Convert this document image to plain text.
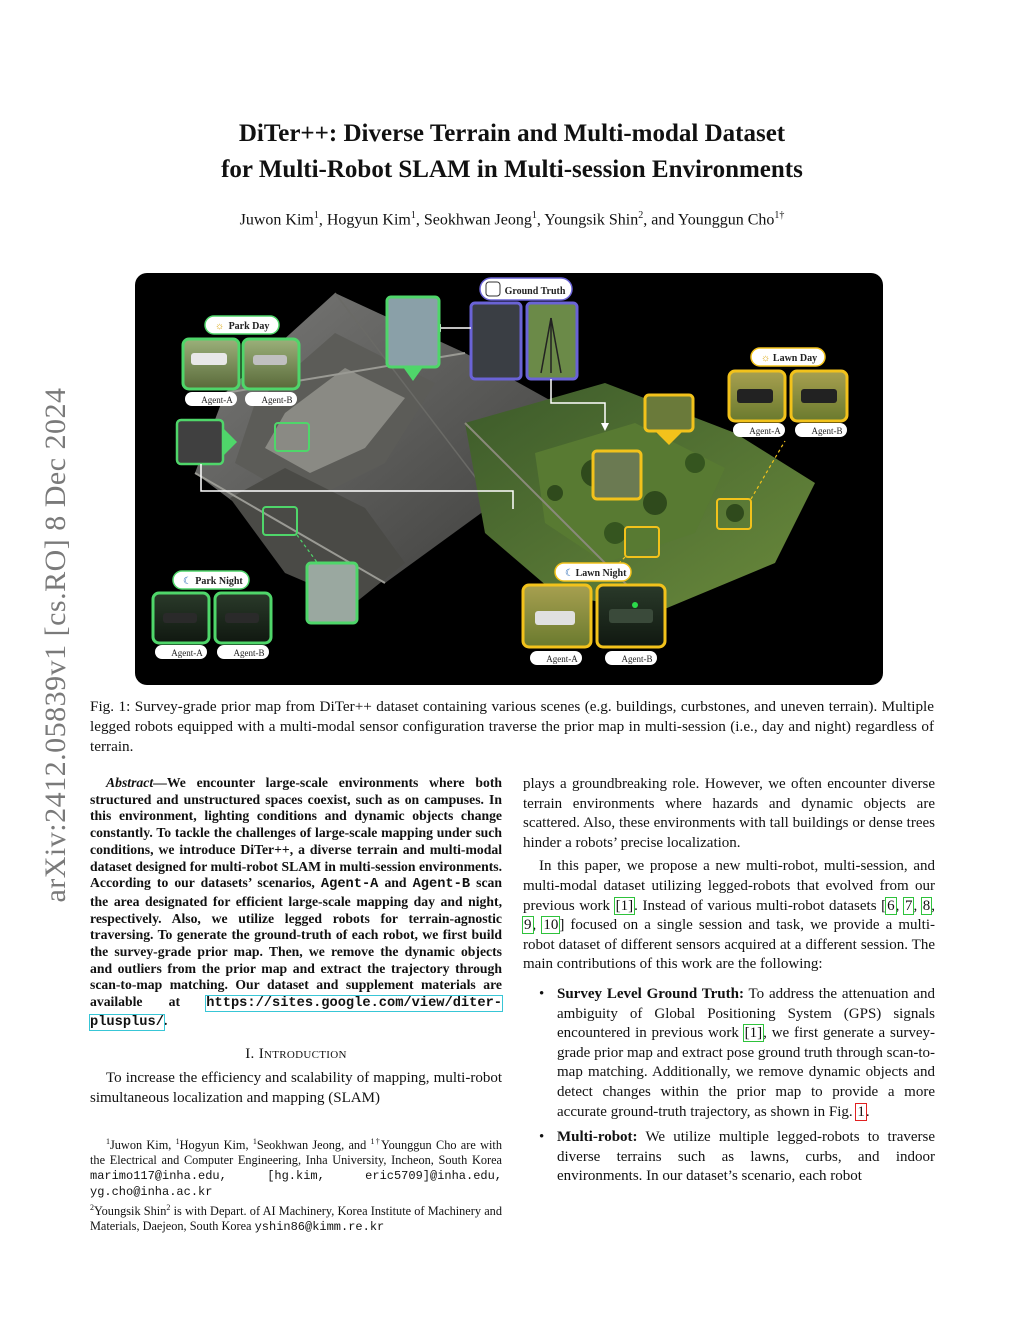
arXiv:2412.05839v1 [cs.RO] 8 Dec 2024
DiTer++: Diverse Terrain and Multi-modal Dataset
for Multi-Robot SLAM in Multi-session Environments
Juwon Kim$^1$, Hogyun Kim$^1$, Seokhwan Jeong$^1$, Youngsik Shin$^2$, and Younggun Cho$^{1\dagger}$
Ground Truth
☼ Park Day
Agent-A	Agent-B
☾ Park Night
Agent-A	Agent-B
☼ Lawn Day
Agent-A	Agent-B
☾ Lawn Night
Agent-A	Agent-B
Fig. 1: Survey-grade prior map from DiTer++ dataset containing various scenes (e.g. buildings, curbstones, and uneven terrain). Multiple legged robots equipped with a multi-modal sensor configuration traverse the prior map in multi-session (i.e., day and night) regardless of terrain.

Abstract—We encounter large-scale environments where both structured and unstructured spaces coexist, such as on campuses. In this environment, lighting conditions and dynamic objects change constantly. To tackle the challenges of large-scale mapping under such conditions, we introduce DiTer++, a diverse terrain and multi-modal dataset designed for multi-robot SLAM in multi-session environments. According to our datasets’ scenarios, Agent-A and Agent-B scan the area designated for efficient large-scale mapping day and night, respectively. Also, we utilize legged robots for terrain-agnostic traversing. To generate the ground-truth of each robot, we first build the survey-grade prior map. Then, we remove the dynamic objects and outliers from the prior map and extract the trajectory through scan-to-map matching. Our dataset and supplement materials are available at https://sites.google.com/view/diter-plusplus/.

I. Introduction

To increase the efficiency and scalability of mapping, multi-robot simultaneous localization and mapping (SLAM)

$^1$Juwon Kim, $^1$Hogyun Kim, $^1$Seokhwan Jeong, and $^{1\dagger}$Younggun Cho are with the Electrical and Computer Engineering, Inha University, Incheon, South Korea marimo117@inha.edu, [hg.kim, eric5709]@inha.edu, yg.cho@inha.ac.kr

$^2$Youngsik Shin$^2$ is with Depart. of AI Machinery, Korea Institute of Machinery and Materials, Daejeon, South Korea yshin86@kimm.re.kr

plays a groundbreaking role. However, we often encounter diverse terrain environments where hazards and dynamic objects are scattered. Also, these environments with tall buildings or dense trees hinder a robots’ precise localization.

In this paper, we propose a new multi-robot, multi-session, and multi-modal dataset utilizing legged-robots that evolved from our previous work [1]. Instead of various multi-robot datasets [6, 7, 8, 9, 10] focused on a single session and task, we provide a multi-robot dataset of different sensors acquired at a different session. The main contributions of this work are the following:

• Survey Level Ground Truth: To address the attenuation and ambiguity of Global Positioning System (GPS) signals encountered in previous work [1], we first generate a survey-grade prior map and extract pose ground truth through scan-to-map matching. Additionally, we remove dynamic objects and detect changes within the prior map to provide a more accurate ground-truth trajectory, as shown in Fig. 1.
• Multi-robot: We utilize multiple legged-robots to traverse diverse terrains such as lawns, curbs, and indoor environments. In our dataset’s scenario, each robot
